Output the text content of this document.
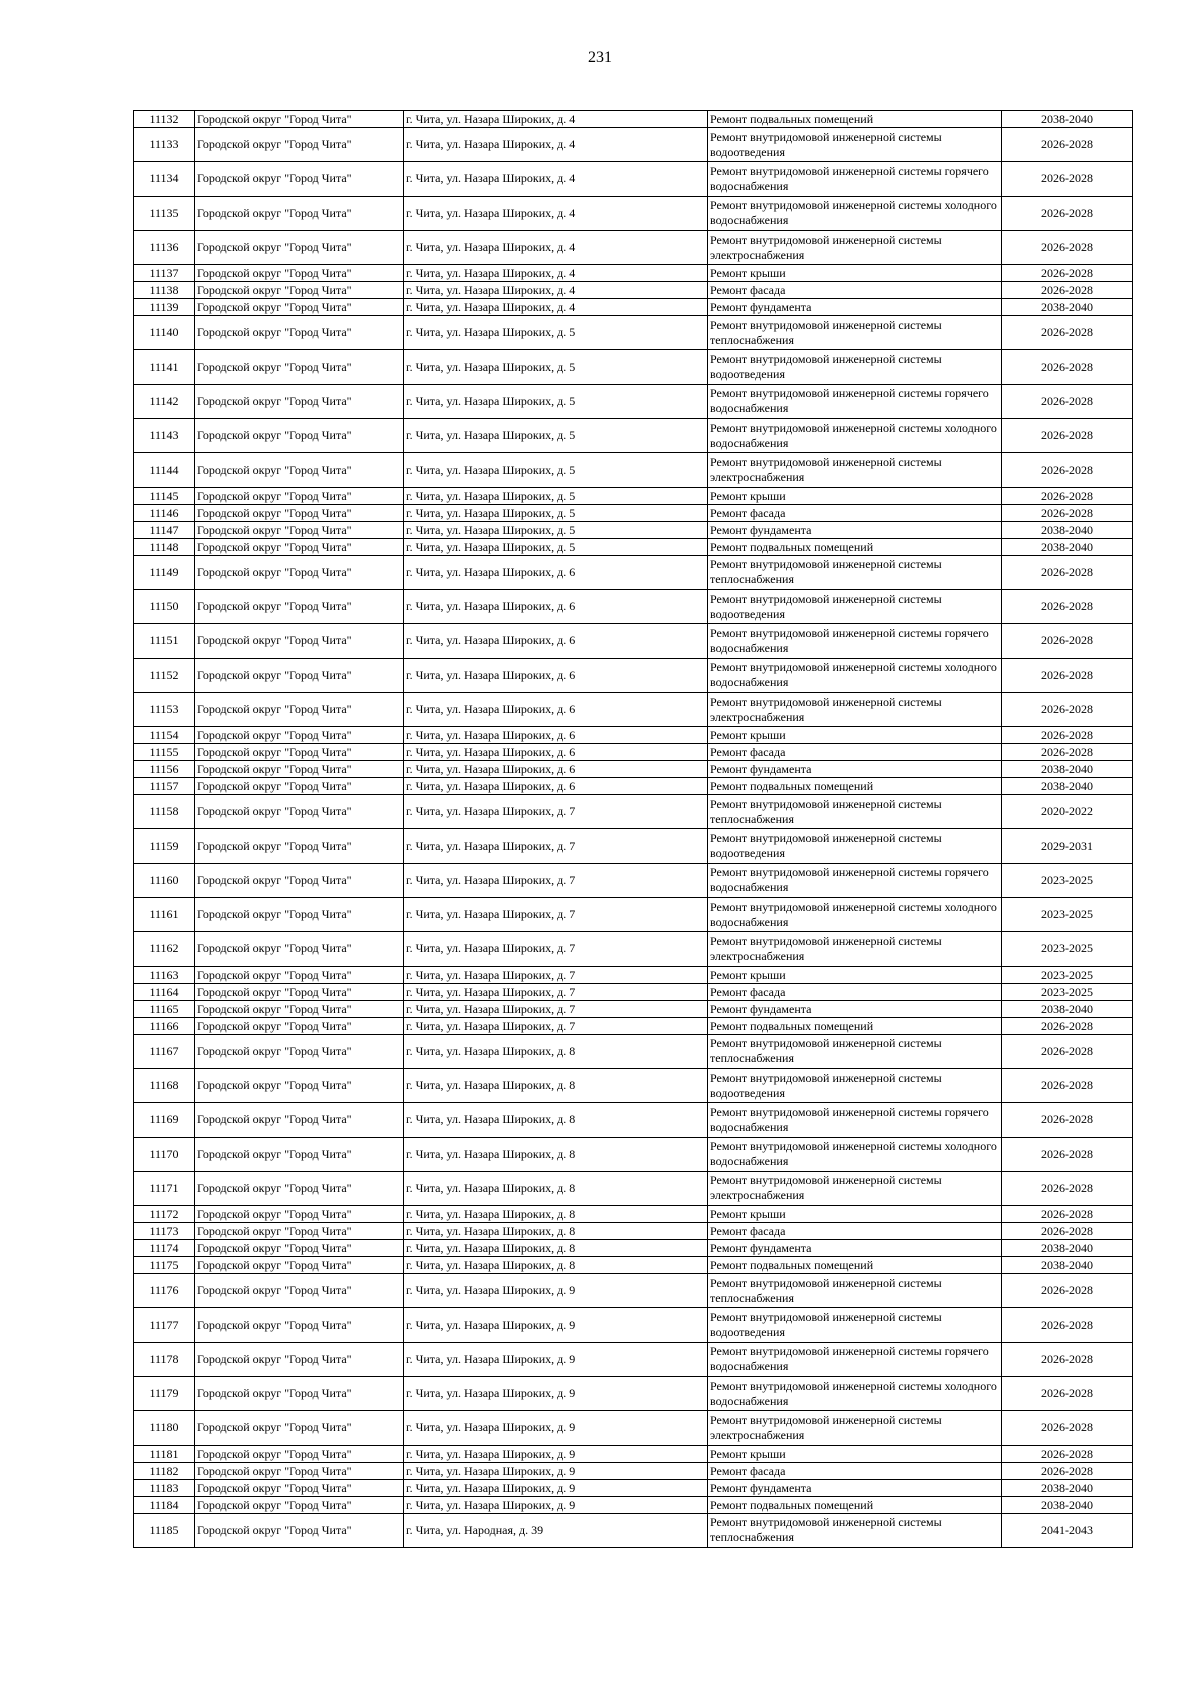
231
11132	Городской округ "Город Чита"	г. Чита, ул. Назара Широких, д. 4	Ремонт подвальных помещений	2038-2040
11133	Городской округ "Город Чита"	г. Чита, ул. Назара Широких, д. 4	Ремонт внутридомовой инженерной системы водоотведения	2026-2028
11134	Городской округ "Город Чита"	г. Чита, ул. Назара Широких, д. 4	Ремонт внутридомовой инженерной системы горячего водоснабжения	2026-2028
11135	Городской округ "Город Чита"	г. Чита, ул. Назара Широких, д. 4	Ремонт внутридомовой инженерной системы холодного водоснабжения	2026-2028
11136	Городской округ "Город Чита"	г. Чита, ул. Назара Широких, д. 4	Ремонт внутридомовой инженерной системы электроснабжения	2026-2028
11137	Городской округ "Город Чита"	г. Чита, ул. Назара Широких, д. 4	Ремонт крыши	2026-2028
11138	Городской округ "Город Чита"	г. Чита, ул. Назара Широких, д. 4	Ремонт фасада	2026-2028
11139	Городской округ "Город Чита"	г. Чита, ул. Назара Широких, д. 4	Ремонт фундамента	2038-2040
11140	Городской округ "Город Чита"	г. Чита, ул. Назара Широких, д. 5	Ремонт внутридомовой инженерной системы теплоснабжения	2026-2028
11141	Городской округ "Город Чита"	г. Чита, ул. Назара Широких, д. 5	Ремонт внутридомовой инженерной системы водоотведения	2026-2028
11142	Городской округ "Город Чита"	г. Чита, ул. Назара Широких, д. 5	Ремонт внутридомовой инженерной системы горячего водоснабжения	2026-2028
11143	Городской округ "Город Чита"	г. Чита, ул. Назара Широких, д. 5	Ремонт внутридомовой инженерной системы холодного водоснабжения	2026-2028
11144	Городской округ "Город Чита"	г. Чита, ул. Назара Широких, д. 5	Ремонт внутридомовой инженерной системы электроснабжения	2026-2028
11145	Городской округ "Город Чита"	г. Чита, ул. Назара Широких, д. 5	Ремонт крыши	2026-2028
11146	Городской округ "Город Чита"	г. Чита, ул. Назара Широких, д. 5	Ремонт фасада	2026-2028
11147	Городской округ "Город Чита"	г. Чита, ул. Назара Широких, д. 5	Ремонт фундамента	2038-2040
11148	Городской округ "Город Чита"	г. Чита, ул. Назара Широких, д. 5	Ремонт подвальных помещений	2038-2040
11149	Городской округ "Город Чита"	г. Чита, ул. Назара Широких, д. 6	Ремонт внутридомовой инженерной системы теплоснабжения	2026-2028
11150	Городской округ "Город Чита"	г. Чита, ул. Назара Широких, д. 6	Ремонт внутридомовой инженерной системы водоотведения	2026-2028
11151	Городской округ "Город Чита"	г. Чита, ул. Назара Широких, д. 6	Ремонт внутридомовой инженерной системы горячего водоснабжения	2026-2028
11152	Городской округ "Город Чита"	г. Чита, ул. Назара Широких, д. 6	Ремонт внутридомовой инженерной системы холодного водоснабжения	2026-2028
11153	Городской округ "Город Чита"	г. Чита, ул. Назара Широких, д. 6	Ремонт внутридомовой инженерной системы электроснабжения	2026-2028
11154	Городской округ "Город Чита"	г. Чита, ул. Назара Широких, д. 6	Ремонт крыши	2026-2028
11155	Городской округ "Город Чита"	г. Чита, ул. Назара Широких, д. 6	Ремонт фасада	2026-2028
11156	Городской округ "Город Чита"	г. Чита, ул. Назара Широких, д. 6	Ремонт фундамента	2038-2040
11157	Городской округ "Город Чита"	г. Чита, ул. Назара Широких, д. 6	Ремонт подвальных помещений	2038-2040
11158	Городской округ "Город Чита"	г. Чита, ул. Назара Широких, д. 7	Ремонт внутридомовой инженерной системы теплоснабжения	2020-2022
11159	Городской округ "Город Чита"	г. Чита, ул. Назара Широких, д. 7	Ремонт внутридомовой инженерной системы водоотведения	2029-2031
11160	Городской округ "Город Чита"	г. Чита, ул. Назара Широких, д. 7	Ремонт внутридомовой инженерной системы горячего водоснабжения	2023-2025
11161	Городской округ "Город Чита"	г. Чита, ул. Назара Широких, д. 7	Ремонт внутридомовой инженерной системы холодного водоснабжения	2023-2025
11162	Городской округ "Город Чита"	г. Чита, ул. Назара Широких, д. 7	Ремонт внутридомовой инженерной системы электроснабжения	2023-2025
11163	Городской округ "Город Чита"	г. Чита, ул. Назара Широких, д. 7	Ремонт крыши	2023-2025
11164	Городской округ "Город Чита"	г. Чита, ул. Назара Широких, д. 7	Ремонт фасада	2023-2025
11165	Городской округ "Город Чита"	г. Чита, ул. Назара Широких, д. 7	Ремонт фундамента	2038-2040
11166	Городской округ "Город Чита"	г. Чита, ул. Назара Широких, д. 7	Ремонт подвальных помещений	2026-2028
11167	Городской округ "Город Чита"	г. Чита, ул. Назара Широких, д. 8	Ремонт внутридомовой инженерной системы теплоснабжения	2026-2028
11168	Городской округ "Город Чита"	г. Чита, ул. Назара Широких, д. 8	Ремонт внутридомовой инженерной системы водоотведения	2026-2028
11169	Городской округ "Город Чита"	г. Чита, ул. Назара Широких, д. 8	Ремонт внутридомовой инженерной системы горячего водоснабжения	2026-2028
11170	Городской округ "Город Чита"	г. Чита, ул. Назара Широких, д. 8	Ремонт внутридомовой инженерной системы холодного водоснабжения	2026-2028
11171	Городской округ "Город Чита"	г. Чита, ул. Назара Широких, д. 8	Ремонт внутридомовой инженерной системы электроснабжения	2026-2028
11172	Городской округ "Город Чита"	г. Чита, ул. Назара Широких, д. 8	Ремонт крыши	2026-2028
11173	Городской округ "Город Чита"	г. Чита, ул. Назара Широких, д. 8	Ремонт фасада	2026-2028
11174	Городской округ "Город Чита"	г. Чита, ул. Назара Широких, д. 8	Ремонт фундамента	2038-2040
11175	Городской округ "Город Чита"	г. Чита, ул. Назара Широких, д. 8	Ремонт подвальных помещений	2038-2040
11176	Городской округ "Город Чита"	г. Чита, ул. Назара Широких, д. 9	Ремонт внутридомовой инженерной системы теплоснабжения	2026-2028
11177	Городской округ "Город Чита"	г. Чита, ул. Назара Широких, д. 9	Ремонт внутридомовой инженерной системы водоотведения	2026-2028
11178	Городской округ "Город Чита"	г. Чита, ул. Назара Широких, д. 9	Ремонт внутридомовой инженерной системы горячего водоснабжения	2026-2028
11179	Городской округ "Город Чита"	г. Чита, ул. Назара Широких, д. 9	Ремонт внутридомовой инженерной системы холодного водоснабжения	2026-2028
11180	Городской округ "Город Чита"	г. Чита, ул. Назара Широких, д. 9	Ремонт внутридомовой инженерной системы электроснабжения	2026-2028
11181	Городской округ "Город Чита"	г. Чита, ул. Назара Широких, д. 9	Ремонт крыши	2026-2028
11182	Городской округ "Город Чита"	г. Чита, ул. Назара Широких, д. 9	Ремонт фасада	2026-2028
11183	Городской округ "Город Чита"	г. Чита, ул. Назара Широких, д. 9	Ремонт фундамента	2038-2040
11184	Городской округ "Город Чита"	г. Чита, ул. Назара Широких, д. 9	Ремонт подвальных помещений	2038-2040
11185	Городской округ "Город Чита"	г. Чита, ул. Народная, д. 39	Ремонт внутридомовой инженерной системы теплоснабжения	2041-2043
